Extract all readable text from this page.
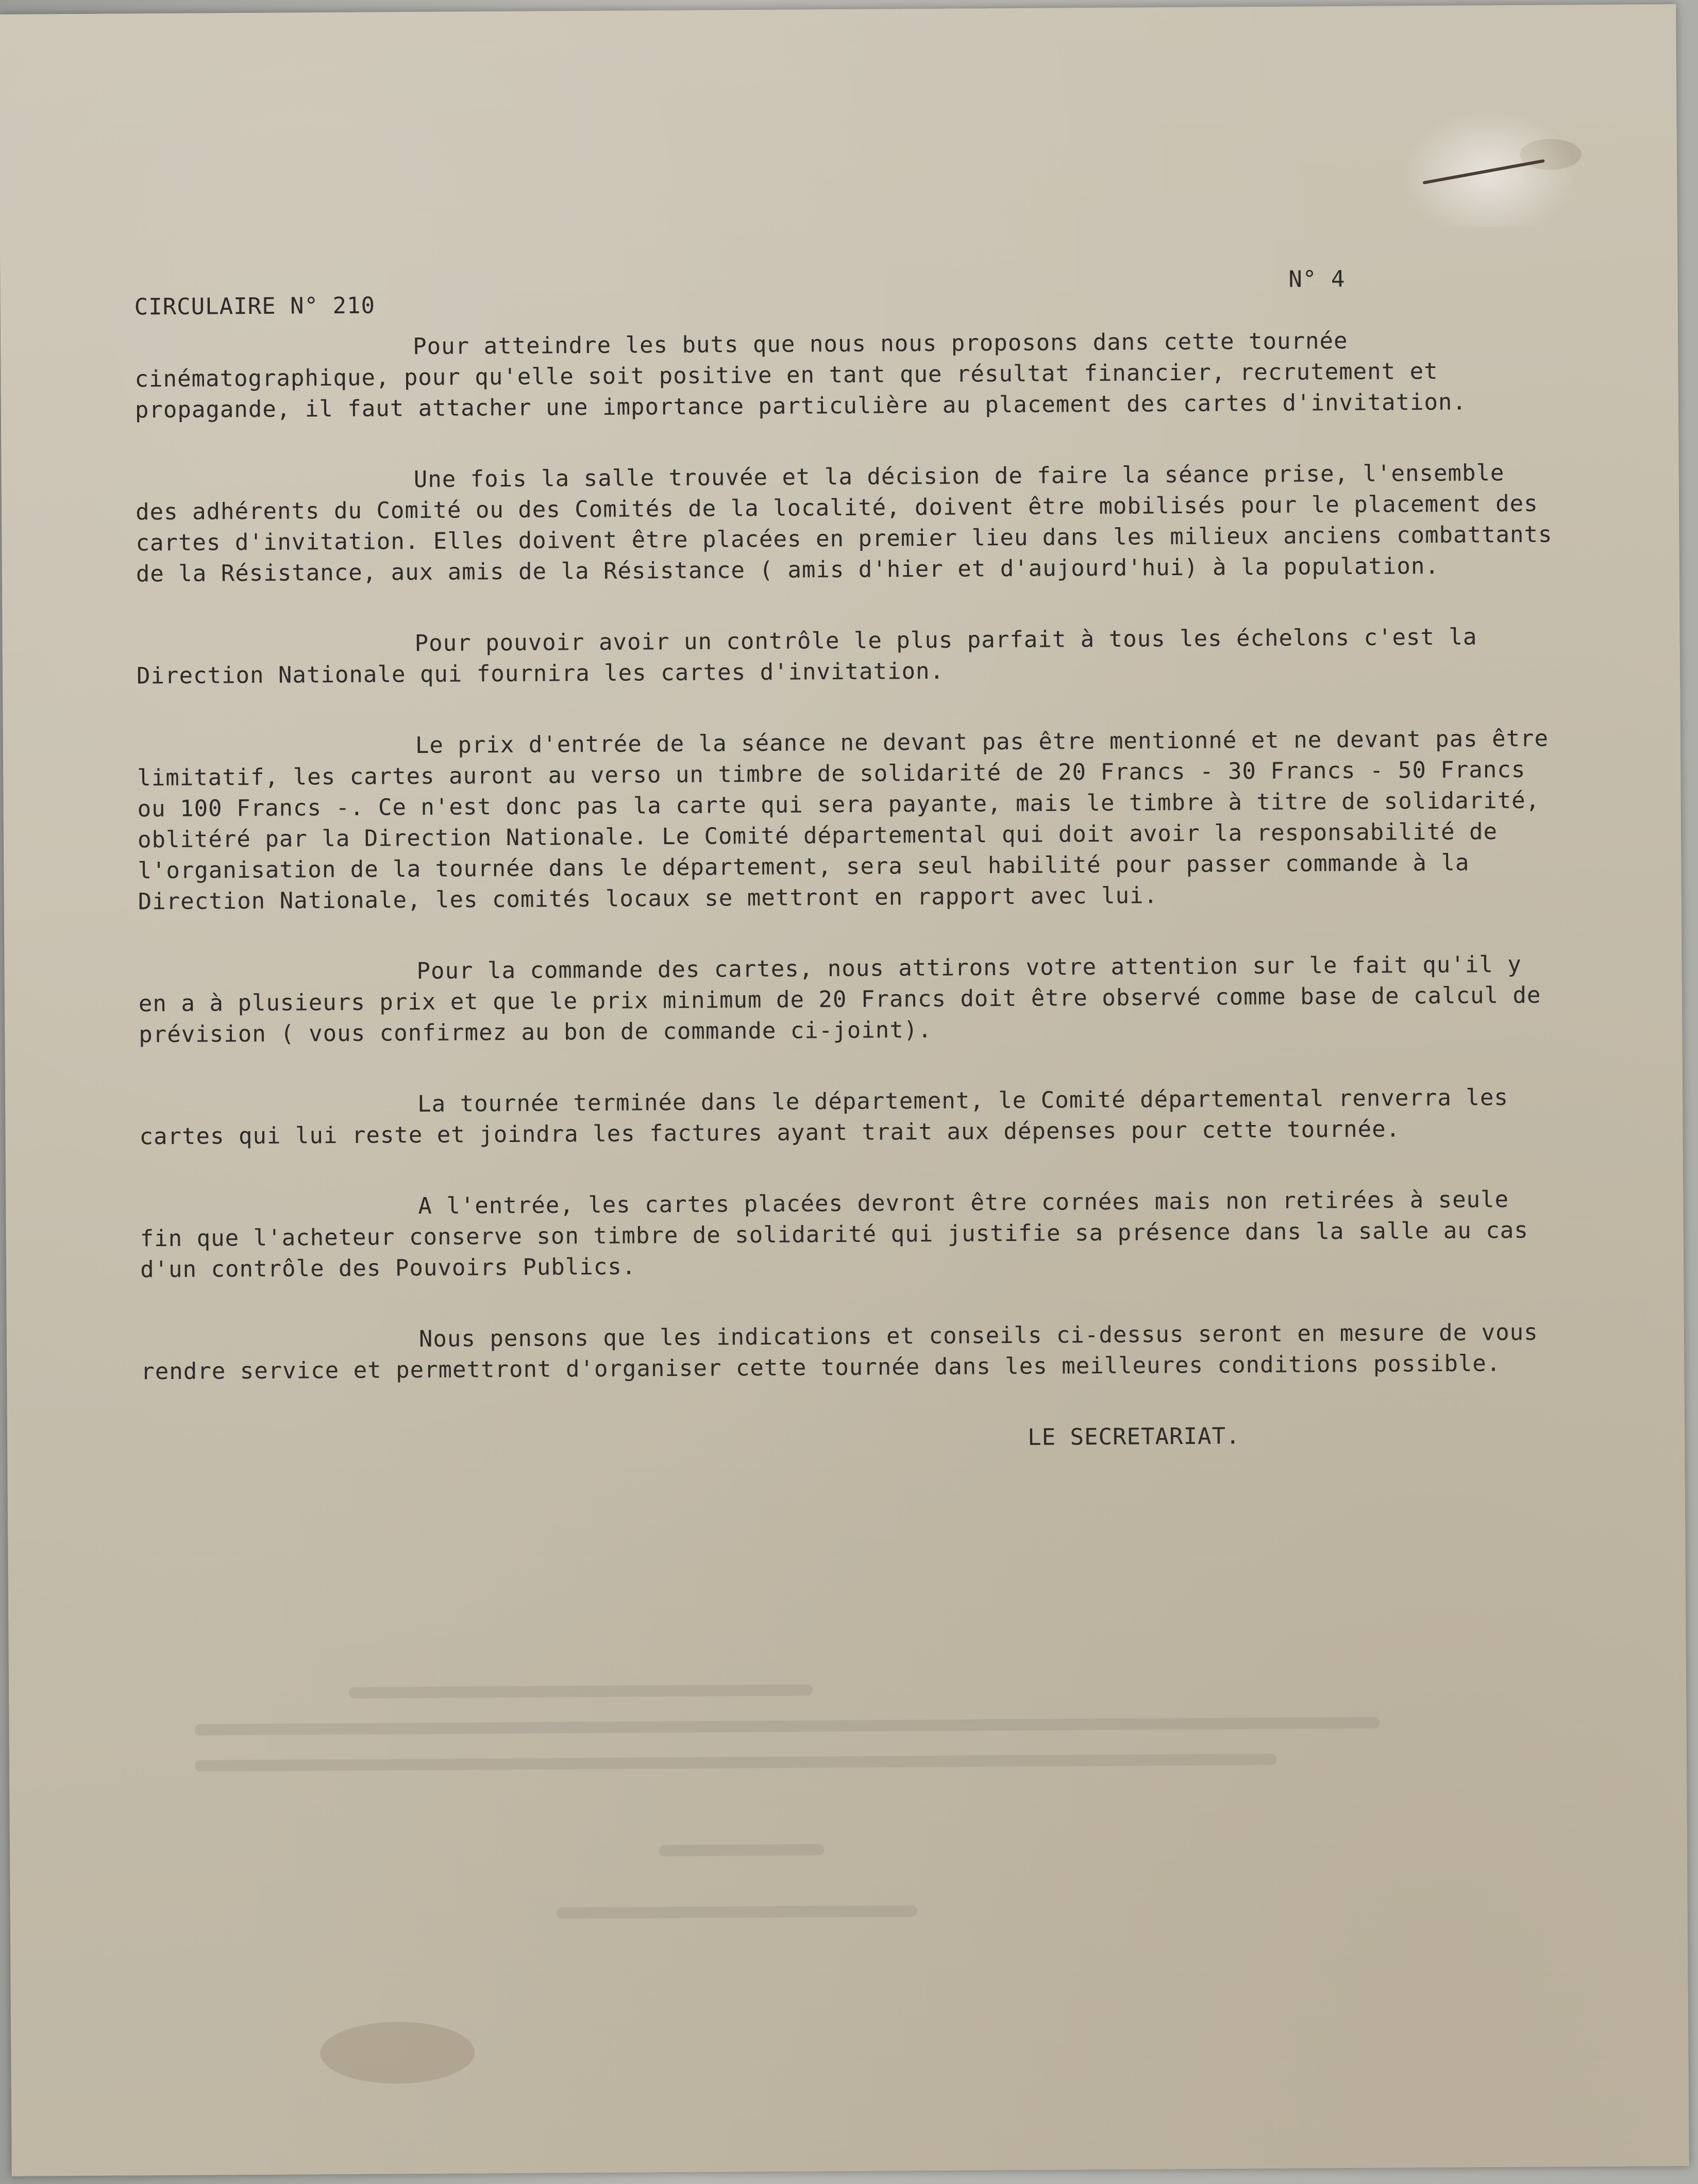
CIRCULAIRE N° 210
N° 4

Pour atteindre les buts que nous nous proposons dans cette tournée cinématographique, pour qu'elle soit positive en tant que résultat financier, recrutement et propagande, il faut attacher une importance particulière au placement des cartes d'invitation.

Une fois la salle trouvée et la décision de faire la séance prise, l'ensemble des adhérents du Comité ou des Comités de la localité, doivent être mobilisés pour le placement des cartes d'invitation. Elles doivent être placées en premier lieu dans les milieux anciens combattants de la Résistance, aux amis de la Résistance ( amis d'hier et d'aujourd'hui) à la population.

Pour pouvoir avoir un contrôle le plus parfait à tous les échelons c'est la Direction Nationale qui fournira les cartes d'invitation.

Le prix d'entrée de la séance ne devant pas être mentionné et ne devant pas être limitatif, les cartes auront au verso un timbre de solidarité de 20 Francs - 30 Francs - 50 Francs ou 100 Francs -. Ce n'est donc pas la carte qui sera payante, mais le timbre à titre de solidarité, oblitéré par la Direction Nationale. Le Comité départemental qui doit avoir la responsabilité de l'organisation de la tournée dans le département, sera seul habilité pour passer commande à la Direction Nationale, les comités locaux se mettront en rapport avec lui.

Pour la commande des cartes, nous attirons votre attention sur le fait qu'il y en a à plusieurs prix et que le prix minimum de 20 Francs doit être observé comme base de calcul de prévision ( vous confirmez au bon de commande ci-joint).

La tournée terminée dans le département, le Comité départemental renverra les cartes qui lui reste et joindra les factures ayant trait aux dépenses pour cette tournée.

A l'entrée, les cartes placées devront être cornées mais non retirées à seule fin que l'acheteur conserve son timbre de solidarité qui justifie sa présence dans la salle au cas d'un contrôle des Pouvoirs Publics.

Nous pensons que les indications et conseils ci-dessus seront en mesure de vous rendre service et permettront d'organiser cette tournée dans les meilleures conditions possible.

LE SECRETARIAT.
